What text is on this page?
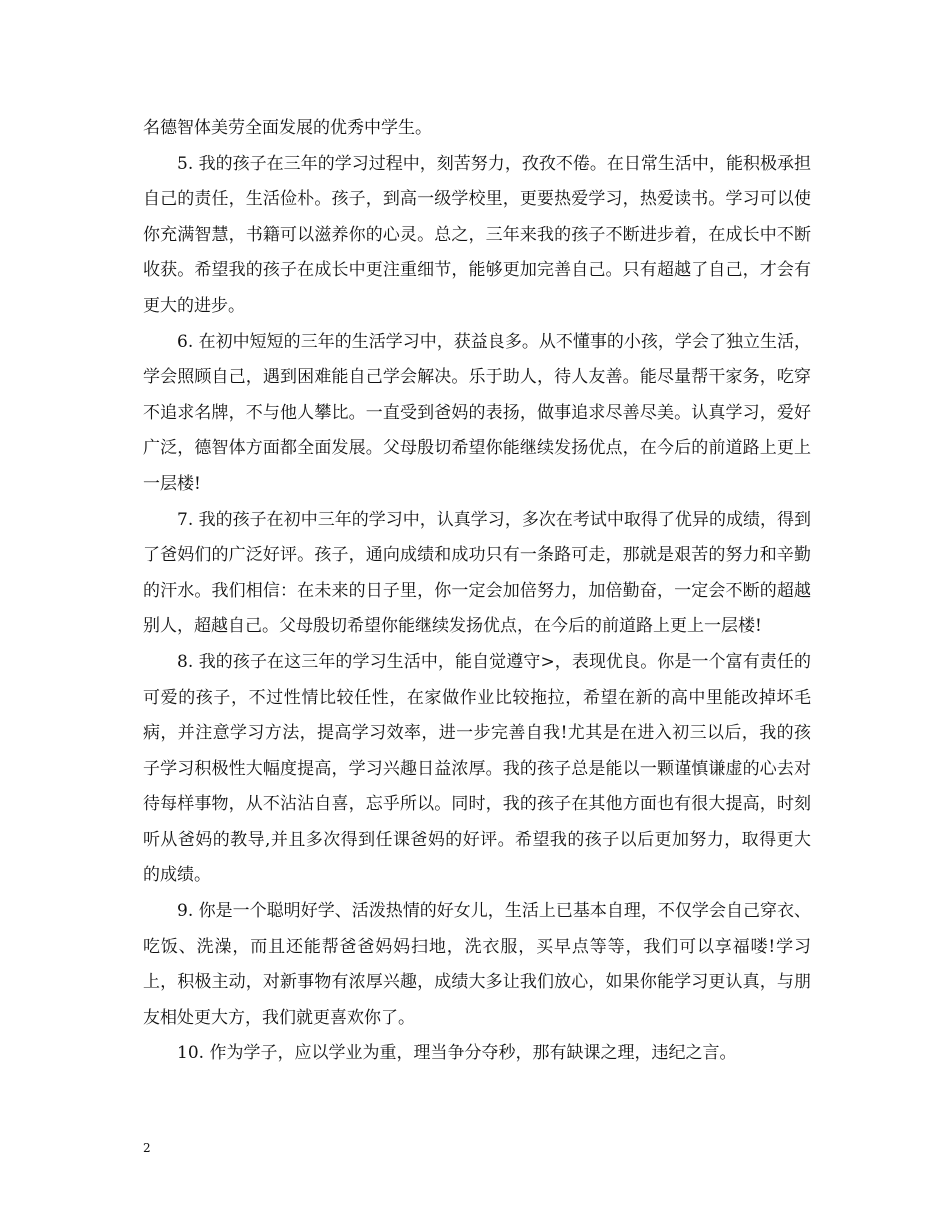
名德智体美劳全面发展的优秀中学生。

5. 我的孩子在三年的学习过程中，刻苦努力，孜孜不倦。在日常生活中，能积极承担自己的责任，生活俭朴。孩子，到高一级学校里，更要热爱学习，热爱读书。学习可以使你充满智慧，书籍可以滋养你的心灵。总之，三年来我的孩子不断进步着，在成长中不断收获。希望我的孩子在成长中更注重细节，能够更加完善自己。只有超越了自己，才会有更大的进步。

6. 在初中短短的三年的生活学习中，获益良多。从不懂事的小孩，学会了独立生活，学会照顾自己，遇到困难能自己学会解决。乐于助人，待人友善。能尽量帮干家务，吃穿不追求名牌，不与他人攀比。一直受到爸妈的表扬，做事追求尽善尽美。认真学习，爱好广泛，德智体方面都全面发展。父母殷切希望你能继续发扬优点，在今后的前道路上更上一层楼!

7. 我的孩子在初中三年的学习中，认真学习，多次在考试中取得了优异的成绩，得到了爸妈们的广泛好评。孩子，通向成绩和成功只有一条路可走，那就是艰苦的努力和辛勤的汗水。我们相信：在未来的日子里，你一定会加倍努力，加倍勤奋，一定会不断的超越别人，超越自己。父母殷切希望你能继续发扬优点，在今后的前道路上更上一层楼!

8. 我的孩子在这三年的学习生活中，能自觉遵守>，表现优良。你是一个富有责任的可爱的孩子，不过性情比较任性，在家做作业比较拖拉，希望在新的高中里能改掉坏毛病，并注意学习方法，提高学习效率，进一步完善自我!尤其是在进入初三以后，我的孩子学习积极性大幅度提高，学习兴趣日益浓厚。我的孩子总是能以一颗谨慎谦虚的心去对待每样事物，从不沾沾自喜，忘乎所以。同时，我的孩子在其他方面也有很大提高，时刻听从爸妈的教导,并且多次得到任课爸妈的好评。希望我的孩子以后更加努力，取得更大的成绩。

9. 你是一个聪明好学、活泼热情的好女儿，生活上已基本自理，不仅学会自己穿衣、吃饭、洗澡，而且还能帮爸爸妈妈扫地，洗衣服，买早点等等，我们可以享福喽!学习上，积极主动，对新事物有浓厚兴趣，成绩大多让我们放心，如果你能学习更认真，与朋友相处更大方，我们就更喜欢你了。

10. 作为学子，应以学业为重，理当争分夺秒，那有缺课之理，违纪之言。

2
